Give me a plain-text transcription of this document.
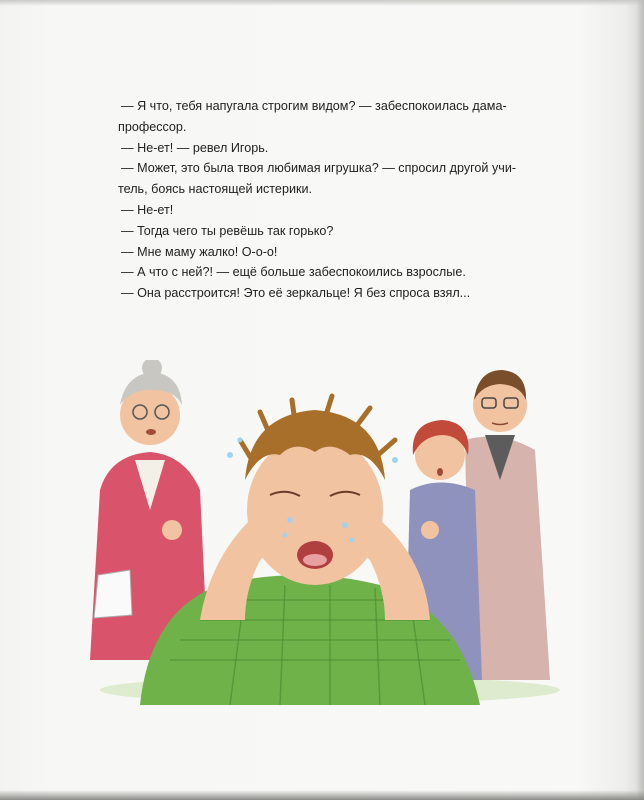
— Я что, тебя напугала строгим видом? — забеспокоилась дама-

профессор.

— Не-ет! — ревел Игорь.

— Может, это была твоя любимая игрушка? — спросил другой учи-

тель, боясь настоящей истерики.

— Не-ет!

— Тогда чего ты ревёшь так горько?

— Мне маму жалко! О-о-о!

— А что с ней?! — ещё больше забеспокоились взрослые.

— Она расстроится! Это её зеркальце! Я без спроса взял...
